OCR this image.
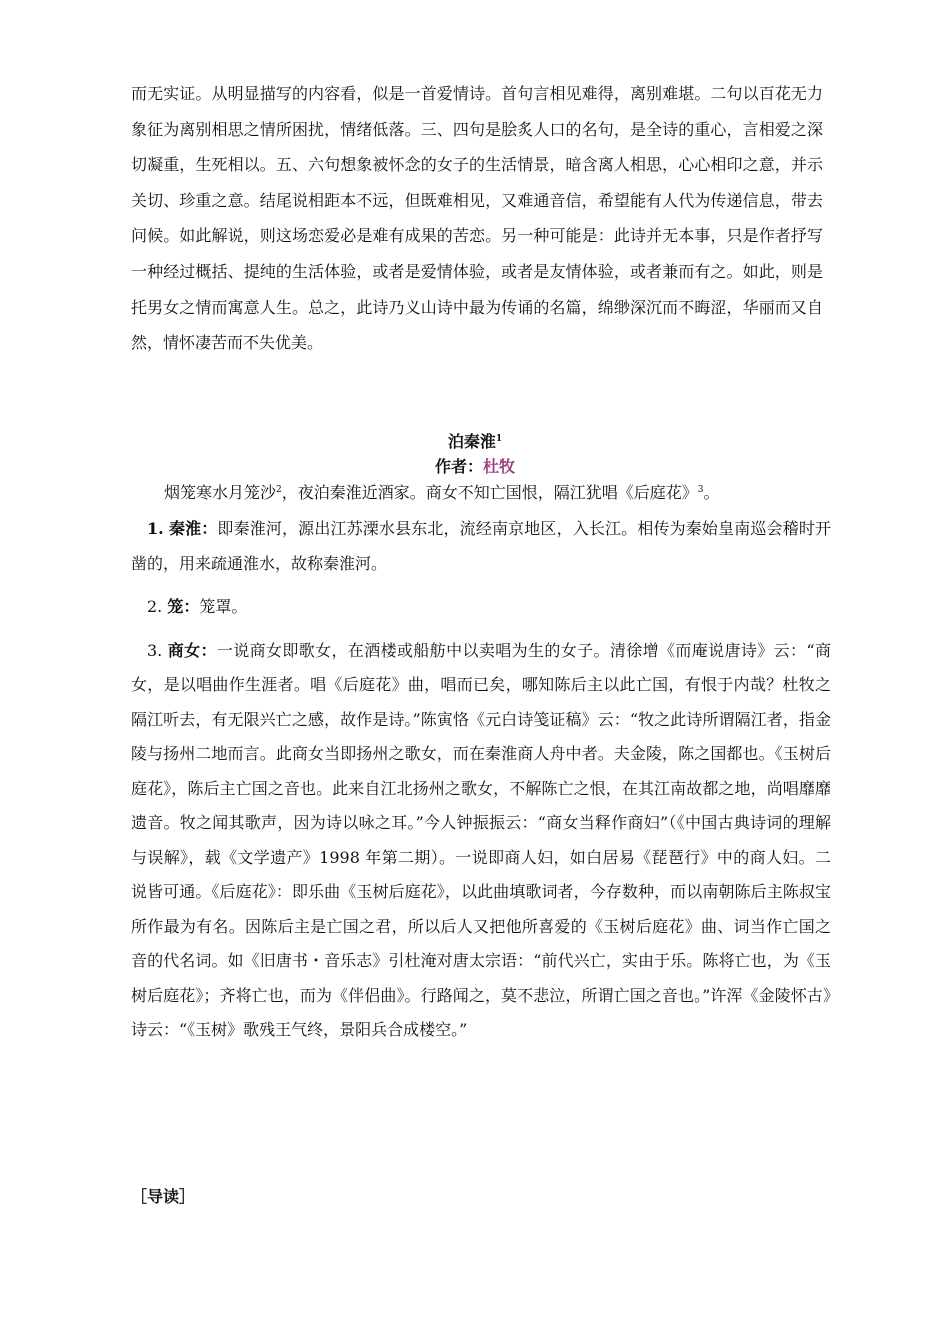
而无实证。从明显描写的内容看，似是一首爱情诗。首句言相见难得，离别难堪。二句以百花无力象征为离别相思之情所困扰，情绪低落。三、四句是脍炙人口的名句，是全诗的重心，言相爱之深切凝重，生死相以。五、六句想象被怀念的女子的生活情景，暗含离人相思，心心相印之意，并示关切、珍重之意。结尾说相距本不远，但既难相见，又难通音信，希望能有人代为传递信息，带去问候。如此解说，则这场恋爱必是难有成果的苦恋。另一种可能是：此诗并无本事，只是作者抒写一种经过概括、提纯的生活体验，或者是爱情体验，或者是友情体验，或者兼而有之。如此，则是托男女之情而寓意人生。总之，此诗乃义山诗中最为传诵的名篇，绵缈深沉而不晦涩，华丽而又自然，情怀凄苦而不失优美。

泊秦淮$^1$
作者：杜牧
烟笼寒水月笼沙$^2$，夜泊秦淮近酒家。商女不知亡国恨，隔江犹唱《后庭花》$^3$。

1. 秦淮：即秦淮河，源出江苏溧水县东北，流经南京地区，入长江。相传为秦始皇南巡会稽时开凿的，用来疏通淮水，故称秦淮河。

2. 笼：笼罩。

3. 商女：一说商女即歌女，在酒楼或船舫中以卖唱为生的女子。清徐增《而庵说唐诗》云：“商女，是以唱曲作生涯者。唱《后庭花》曲，唱而已矣，哪知陈后主以此亡国，有恨于内哉？杜牧之隔江听去，有无限兴亡之感，故作是诗。”陈寅恪《元白诗笺证稿》云：“牧之此诗所谓隔江者，指金陵与扬州二地而言。此商女当即扬州之歌女，而在秦淮商人舟中者。夫金陵，陈之国都也。《玉树后庭花》，陈后主亡国之音也。此来自江北扬州之歌女，不解陈亡之恨，在其江南故都之地，尚唱靡靡遗音。牧之闻其歌声，因为诗以咏之耳。”今人钟振振云：“商女当释作商妇”（《中国古典诗词的理解与误解》，载《文学遗产》1998 年第二期）。一说即商人妇，如白居易《琵琶行》中的商人妇。二说皆可通。《后庭花》：即乐曲《玉树后庭花》，以此曲填歌词者，今存数种，而以南朝陈后主陈叔宝所作最为有名。因陈后主是亡国之君，所以后人又把他所喜爱的《玉树后庭花》曲、词当作亡国之音的代名词。如《旧唐书・音乐志》引杜淹对唐太宗语：“前代兴亡，实由于乐。陈将亡也，为《玉树后庭花》；齐将亡也，而为《伴侣曲》。行路闻之，莫不悲泣，所谓亡国之音也。”许浑《金陵怀古》诗云：“《玉树》歌残王气终，景阳兵合成楼空。”

［导读］
